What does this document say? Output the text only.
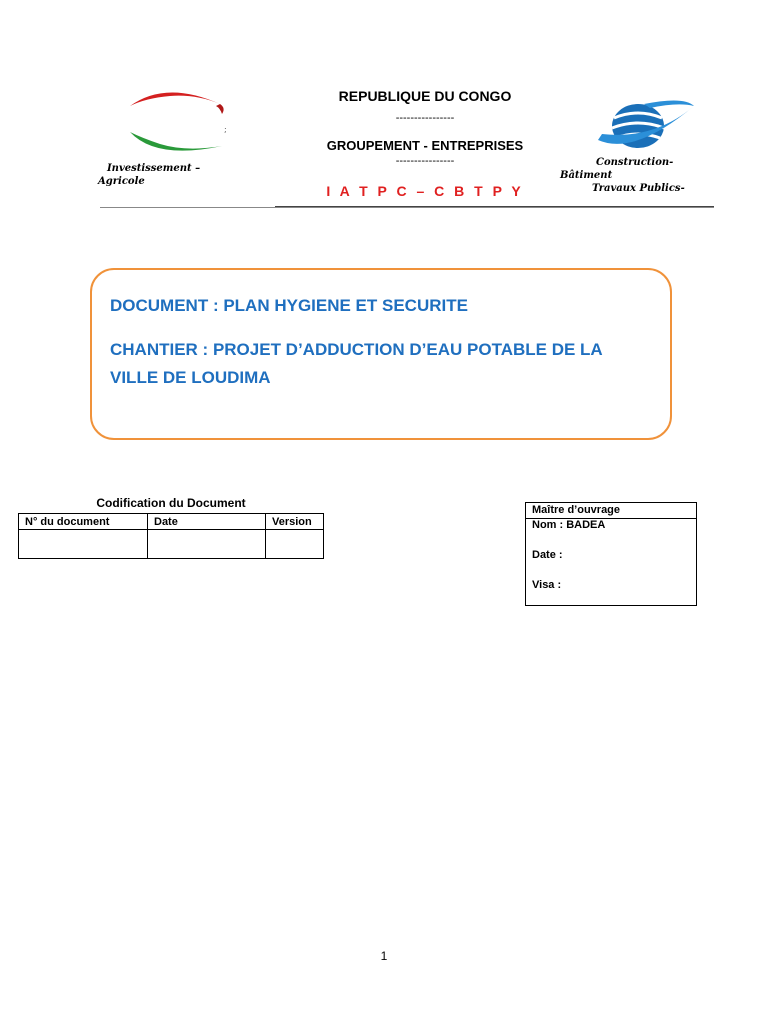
;
Investissement –
Agricole
REPUBLIQUE DU CONGO
----------------
GROUPEMENT - ENTREPRISES
----------------
I A T P C – C B T P Y
Construction-
Bâtiment
Travaux Publics-
DOCUMENT : PLAN HYGIENE ET SECURITE
CHANTIER : PROJET D’ADDUCTION D’EAU POTABLE DE LA VILLE DE LOUDIMA
Codification du Document
N° du document	Date	Version

Maître d’ouvrage
Nom : BADEA
Date :
Visa :
1
